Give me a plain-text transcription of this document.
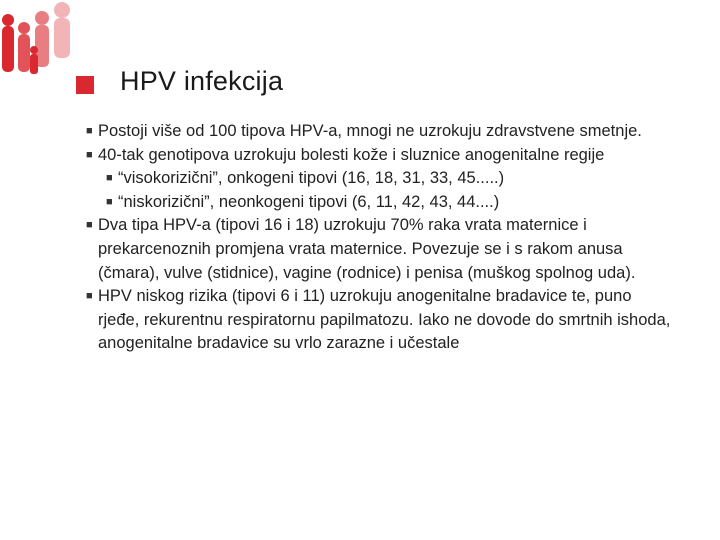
HPV infekcija
■ Postoji više od 100 tipova HPV-a, mnogi ne uzrokuju zdravstvene smetnje.
■ 40-tak genotipova uzrokuju bolesti kože i sluznice anogenitalne regije
■ “visokorizični”, onkogeni tipovi (16, 18, 31, 33, 45.....)
■ “niskorizični”, neonkogeni tipovi (6, 11, 42, 43, 44....)
■ Dva tipa HPV-a (tipovi 16 i 18) uzrokuju 70% raka vrata maternice i prekarcenoznih promjena vrata maternice. Povezuje se i s rakom anusa (čmara), vulve (stidnice), vagine (rodnice) i penisa (muškog spolnog uda).
■ HPV niskog rizika (tipovi 6 i 11) uzrokuju anogenitalne bradavice te, puno rjeđe, rekurentnu respiratornu papilmatozu. Iako ne dovode do smrtnih ishoda, anogenitalne bradavice su vrlo zarazne i učestale
